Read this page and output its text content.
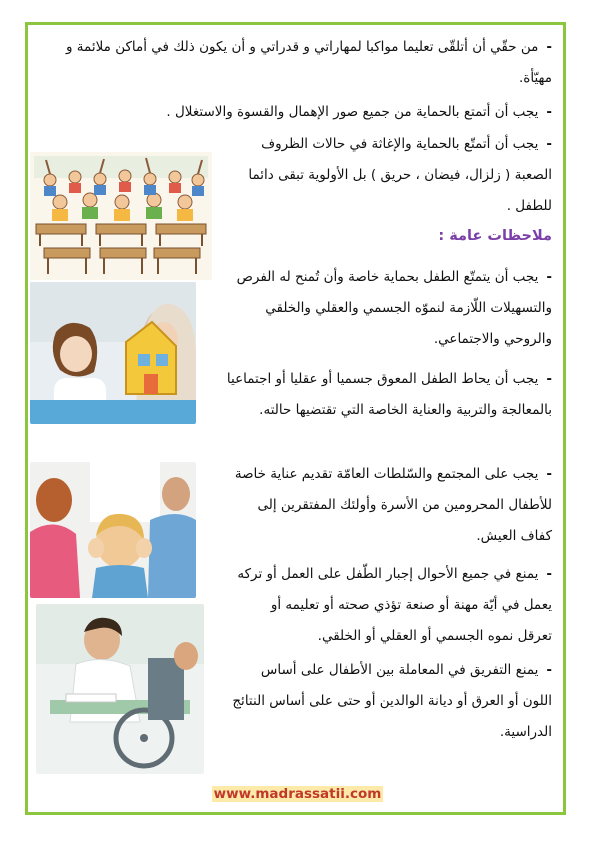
-من حقّي أن أتلقّى تعليما مواكبا لمهاراتي و قدراتي و أن يكون ذلك في أماكن ملائمة و مهيّأة.
-يجب أن أتمتع بالحماية من جميع صور الإهمال والقسوة والاستغلال .
-يجب أن أتمتّع بالحماية والإغاثة في حالات الظروف الصعبة ( زلزال، فيضان ، حريق ) بل الأولوية تبقى دائما للطفل .
ملاحظات عامة :
-يجب أن يتمتّع الطفل بحماية خاصة وأن تُمنح له الفرص والتسهيلات اللّازمة لنموّه الجسمي والعقلي والخلقي والروحي والاجتماعي.
-يجب أن يحاط الطفل المعوق جسميا أو عقليا أو اجتماعيا بالمعالجة والتربية والعناية الخاصة التي تقتضيها حالته.
-يجب على المجتمع والسّلطات العامّة تقديم عناية خاصة للأطفال المحرومين من الأسرة وأولئك المفتقرين إلى كفاف العيش.
-يمنع في جميع الأحوال إجبار الطّفل على العمل أو تركه يعمل في أيّة مهنة أو صنعة تؤذي صحته أو تعليمه أو تعرقل نموه الجسمي أو العقلي أو الخلقي.
-يمنع التفريق في المعاملة بين الأطفال على أساس اللون أو العرق أو ديانة الوالدين أو حتى على أساس النتائج الدراسية.
www.madrassatii.com
